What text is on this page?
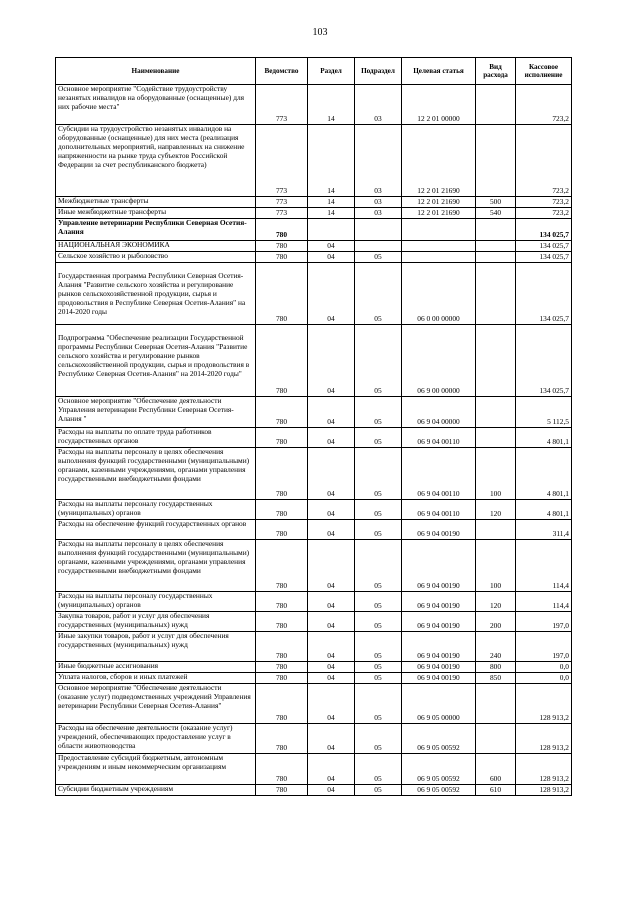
103
Наименование	Ведомство	Раздел	Подраздел	Целевая статья	Вид расхода	Кассовое исполнение
Основное мероприятие "Содействие трудоустройству незанятых инвалидов на оборудованные (оснащенные) для них рабочие места"	773	14	03	12 2 01 00000		723,2
Субсидии на трудоустройство незанятых инвалидов на оборудованные (оснащенные) для них места (реализация дополнительных мероприятий, направленных на снижение напряженности на рынке труда субъектов Российской Федерации за счет республиканского бюджета)	773	14	03	12 2 01 21690		723,2
Межбюджетные трансферты	773	14	03	12 2 01 21690	500	723,2
Иные межбюджетные трансферты	773	14	03	12 2 01 21690	540	723,2
Управление ветеринарии Республики Северная Осетия-Алания	780					134 025,7
НАЦИОНАЛЬНАЯ ЭКОНОМИКА	780	04				134 025,7
Сельское хозяйство и рыболовство	780	04	05			134 025,7

Государственная программа Республики Северная Осетия-Алания "Развитие сельского хозяйства и регулирование рынков сельскохозяйственной продукции, сырья и продовольствия в Республике Северная Осетия-Алания" на 2014-2020 годы	780	04	05	06 0 00 00000		134 025,7

Подпрограмма "Обеспечение реализации Государственной программы Республики Северная Осетия-Алания "Развитие сельского хозяйства и регулирование рынков сельскохозяйственной продукции, сырья и продовольствия в Республике Северная Осетия-Алания" на 2014-2020 годы"	780	04	05	06 9 00 00000		134 025,7
Основное мероприятие "Обеспечение деятельности Управления ветеринарии Республики Северная Осетия-Алания "	780	04	05	06 9 04 00000		5 112,5
Расходы на выплаты по оплате труда работников государственных органов	780	04	05	06 9 04 00110		4 801,1
Расходы на выплаты персоналу в целях обеспечения выполнения функций государственными (муниципальными) органами, казенными учреждениями, органами управления государственными внебюджетными фондами	780	04	05	06 9 04 00110	100	4 801,1
Расходы на выплаты персоналу государственных (муниципальных) органов	780	04	05	06 9 04 00110	120	4 801,1
Расходы на обеспечение функций государственных органов	780	04	05	06 9 04 00190		311,4
Расходы на выплаты персоналу в целях обеспечения выполнения функций государственными (муниципальными) органами, казенными учреждениями, органами управления государственными внебюджетными фондами	780	04	05	06 9 04 00190	100	114,4
Расходы на выплаты персоналу государственных (муниципальных) органов	780	04	05	06 9 04 00190	120	114,4
Закупка товаров, работ и услуг для обеспечения государственных (муниципальных) нужд	780	04	05	06 9 04 00190	200	197,0
Иные закупки товаров, работ и услуг для обеспечения государственных (муниципальных) нужд	780	04	05	06 9 04 00190	240	197,0
Иные бюджетные ассигнования	780	04	05	06 9 04 00190	800	0,0
Уплата налогов, сборов и иных платежей	780	04	05	06 9 04 00190	850	0,0
Основное мероприятие "Обеспечение деятельности (оказание услуг) подведомственных учреждений Управления ветеринарии Республики Северная Осетия-Алания"	780	04	05	06 9 05 00000		128 913,2
Расходы на обеспечение деятельности (оказание услуг) учреждений, обеспечивающих предоставление услуг в области животноводства	780	04	05	06 9 05 00592		128 913,2
Предоставление субсидий бюджетным, автономным учреждениям и иным некоммерческим организациям	780	04	05	06 9 05 00592	600	128 913,2
Субсидии бюджетным учреждениям	780	04	05	06 9 05 00592	610	128 913,2
